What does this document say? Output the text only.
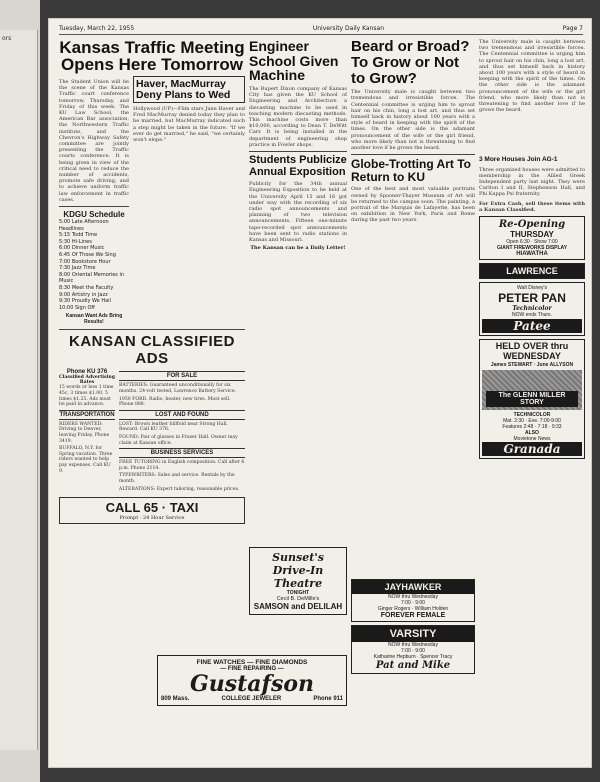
ors
Tuesday, March 22, 1955	University Daily Kansan	Page 7
Kansas Traffic Meeting Opens Here Tomorrow
The Student Union will be the scene of the Kansas Traffic court conference tomorrow, Thursday, and Friday of this week. The KU Law School, the American Bar association, the Northwestern Traffic institute, and the Chevron's Highway Safety committee are jointly presenting the Traffic courts conference. It is being given in view of the critical need to reduce the number of accidents, promote safe driving, and to achieve uniform traffic law enforcement in traffic cases.
KDGU Schedule
5:00 Late Afternoon Headlines
5:15 Todd Time
5:30 Hi-Lines
6:00 Dinner Music
6:45 Of Those We Sing
7:00 Bookstore Hour
7:30 Jazz Time
8:00 Oriental Memories in Music
8:30 Meet the Faculty
9:00 Artistry in Jazz
9:30 Proudly We Hail
10:00 Sign Off
Kansan Want Ads Bring Results!
Haver, MacMurray Deny Plans to Wed
Hollywood (UP)—Film stars June Haver and Fred MacMurray denied today they plan to be married, but MacMurray indicated such a step might be taken in the future. "If we ever do get married," he said, "we certainly won't elope."
KANSAN CLASSIFIED ADS
Phone KU 376
Classified Advertising Rates
15 words or less 1 time 45c, 3 times $1.00, 5 times $1.25. Ads must be paid in advance.
TRANSPORTATION
RIDERS WANTED: Driving to Denver, leaving Friday. Phone 3419.
BUFFALO, N.Y. for Spring vacation. Three riders wanted to help pay expenses. Call KU 9.
FOR SALE
BATTERIES: Guaranteed unconditionally for six months. 24-volt tested, Lawrence Battery Service.
1950 FORD. Radio, heater, new tires. Must sell. Phone 888.
LOST AND FOUND
LOST: Brown leather billfold near Strong Hall. Reward. Call KU 376.
FOUND: Pair of glasses in Fraser Hall. Owner may claim at Kansan office.
BUSINESS SERVICES
FREE TUTORING in English composition. Call after 6 p.m. Phone 2114.
TYPEWRITERS: Sales and service. Rentals by the month.
ALTERATIONS: Expert tailoring, reasonable prices.
CALL 65 · TAXI
Prompt · 24 Hour Service
Engineer School Given Machine
The Rupert Dixon company of Kansas City has given the KU School of Engineering and Architecture a diecasting machine to be used in teaching modern diecasting methods. This machine costs more than $10,000, according to Dean T. DeWitt Carr. It is being installed in the department of engineering shop practice in Fowler shops.
Students Publicize Annual Exposition
Publicity for the 34th annual Engineering Exposition to be held at the University April 15 and 16 got under way with the recording of six radio spot announcements and planning of two television announcements. Fifteen one-minute tape-recorded spot announcements have been sent to radio stations in Kansas and Missouri.
The Kansan can be a Daily Letter!
Beard or Broad? To Grow or Not to Grow?
The University male is caught between two tremendous and irresistible forces. The Centennial committee is urging him to sprout hair on his chin, long a lost art, and thus set himself back in history about 100 years with a style of beard in keeping with the spirit of the times. On the other side is the adamant pronouncement of the wife or the girl friend, who more likely than not is threatening to find another love if he grows the beard.
Globe-Trotting Art To Return to KU
One of the best and most valuable portraits owned by Spooner-Thayer Museum of Art will be returned to the campus soon. The painting, a portrait of the Marquis de Lafayette, has been on exhibition in New York, Paris and Rome during the past two years.
Sunset's Drive-In Theatre
TONIGHT
Cecil B. DeMille's
SAMSON and DELILAH
JAYHAWKER
NOW thru Wednesday
7:00 · 9:00
Ginger Rogers · William Holden
FOREVER FEMALE
VARSITY
NOW thru Wednesday
7:00 · 9:00
Katharine Hepburn · Spencer Tracy
Pat and Mike
FINE WATCHES — FINE DIAMONDS
— FINE REPAIRING —
Gustafson
809 Mass.	COLLEGE JEWELER	Phone 911
The University male is caught between two tremendous and irresistible forces. The Centennial committee is urging him to sprout hair on his chin, long a lost art, and thus set himself back in history about 100 years with a style of beard in keeping with the spirit of the times. On the other side is the adamant pronouncement of the wife or the girl friend, who more likely than not is threatening to find another love if he grows the beard.
3 More Houses Join AG-1
Three organized houses were admitted to membership in the Allied Greek Independent party last night. They were Carlton I and II, Stephenson Hall, and Phi Kappa Psi fraternity.
For Extra Cash, sell these items with a Kansan Classified.
Re-Opening
THURSDAY
Open 6:30 · Show 7:00
GIANT FIREWORKS DISPLAY
HIAWATHA
LAWRENCE
Walt Disney's
PETER PAN
Technicolor
NOW ends Thurs.
Patee
HELD OVER thru WEDNESDAY
James STEWART · June ALLYSON
The GLENN MILLER STORY
TECHNICOLOR
Mat. 2:30 · Eve. 7:00-9:00
Features 2:48 · 7:18 · 9:33
ALSO
Movietone News
Granada
